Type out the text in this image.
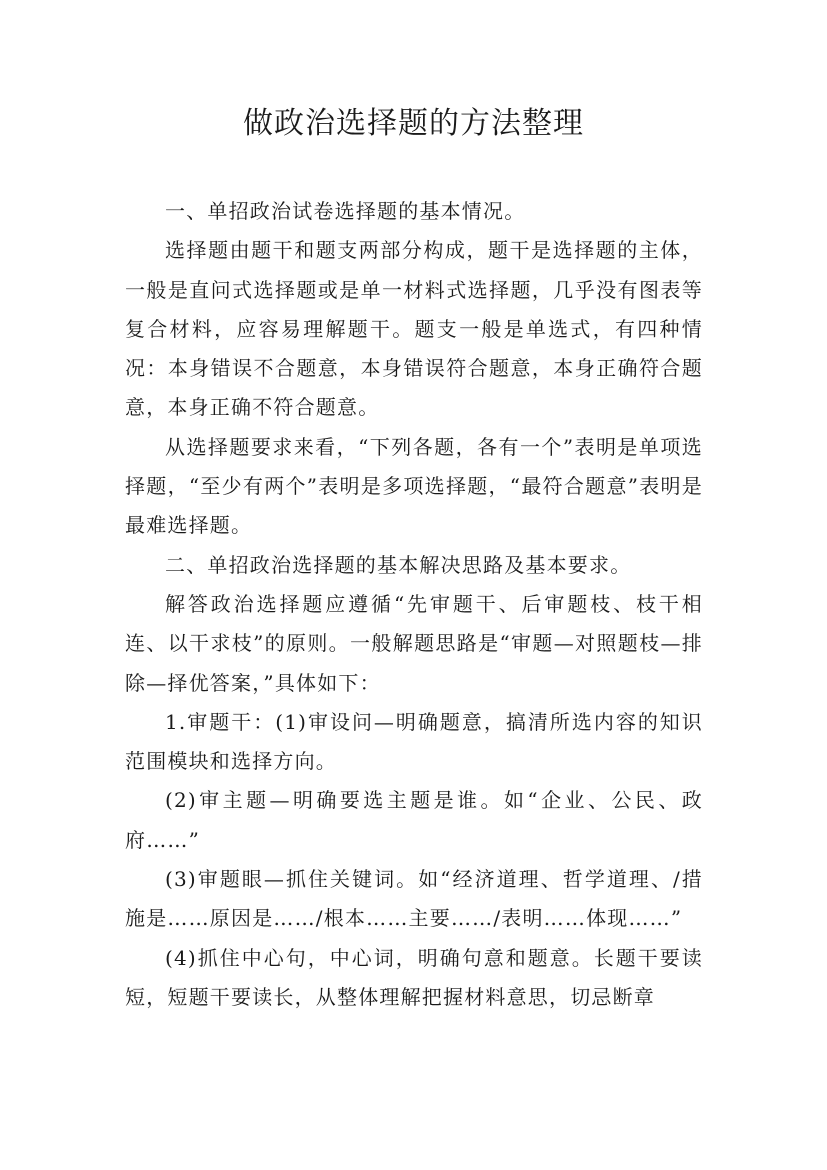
做政治选择题的方法整理

一、单招政治试卷选择题的基本情况。

选择题由题干和题支两部分构成，题干是选择题的主体，一般是直问式选择题或是单一材料式选择题，几乎没有图表等复合材料，应容易理解题干。题支一般是单选式，有四种情况：本身错误不合题意，本身错误符合题意，本身正确符合题意，本身正确不符合题意。

从选择题要求来看，“下列各题，各有一个”表明是单项选择题，“至少有两个”表明是多项选择题，“最符合题意”表明是最难选择题。

二、单招政治选择题的基本解决思路及基本要求。

解答政治选择题应遵循“先审题干、后审题枝、枝干相连、以干求枝”的原则。一般解题思路是“审题—对照题枝—排除—择优答案，”具体如下：

1.审题干：(1)审设问—明确题意，搞清所选内容的知识范围模块和选择方向。

(2)审主题—明确要选主题是谁。如“企业、公民、政府……”

(3)审题眼—抓住关键词。如“经济道理、哲学道理、/措施是……原因是……/根本……主要……/表明……体现……”

(4)抓住中心句，中心词，明确句意和题意。长题干要读短，短题干要读长，从整体理解把握材料意思，切忌断章
